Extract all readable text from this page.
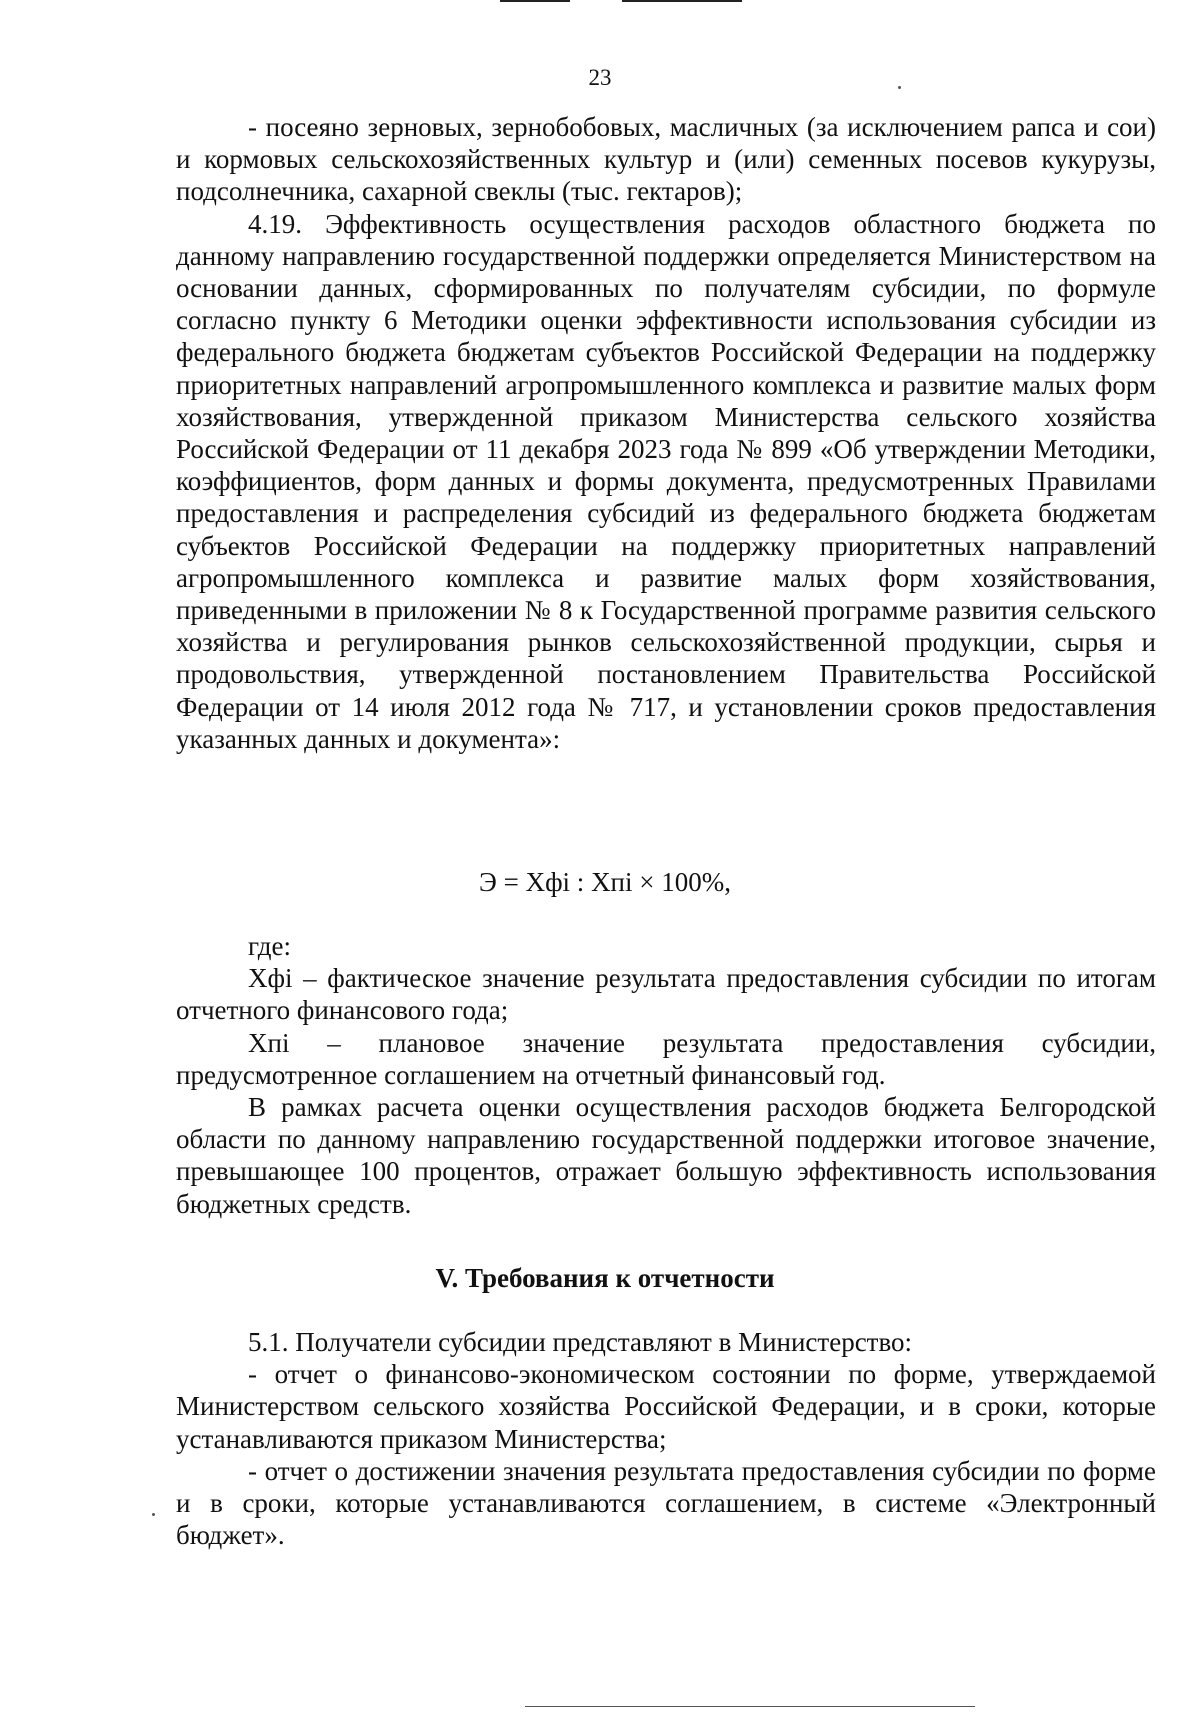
23

- посеяно зерновых, зернобобовых, масличных (за исключением рапса и сои) и кормовых сельскохозяйственных культур и (или) семенных посевов кукурузы, подсолнечника, сахарной свеклы (тыс. гектаров);

4.19. Эффективность осуществления расходов областного бюджета по данному направлению государственной поддержки определяется Министерством на основании данных, сформированных по получателям субсидии, по формуле согласно пункту 6 Методики оценки эффективности использования субсидии из федерального бюджета бюджетам субъектов Российской Федерации на поддержку приоритетных направлений агропромышленного комплекса и развитие малых форм хозяйствования, утвержденной приказом Министерства сельского хозяйства Российской Федерации от 11 декабря 2023 года № 899 «Об утверждении Методики, коэффициентов, форм данных и формы документа, предусмотренных Правилами предоставления и распределения субсидий из федерального бюджета бюджетам субъектов Российской Федерации на поддержку приоритетных направлений агропромышленного комплекса и развитие малых форм хозяйствования, приведенными в приложении № 8 к Государственной программе развития сельского хозяйства и регулирования рынков сельскохозяйственной продукции, сырья и продовольствия, утвержденной постановлением Правительства Российской Федерации от 14 июля 2012 года № 717, и установлении сроков предоставления указанных данных и документа»:

Э = Хфi : Хпi × 100%,

где:

Хфi – фактическое значение результата предоставления субсидии по итогам отчетного финансового года;

Хпi – плановое значение результата предоставления субсидии, предусмотренное соглашением на отчетный финансовый год.

В рамках расчета оценки осуществления расходов бюджета Белгородской области по данному направлению государственной поддержки итоговое значение, превышающее 100 процентов, отражает большую эффективность использования бюджетных средств.

V. Требования к отчетности

5.1. Получатели субсидии представляют в Министерство:

- отчет о финансово-экономическом состоянии по форме, утверждаемой Министерством сельского хозяйства Российской Федерации, и в сроки, которые устанавливаются приказом Министерства;

- отчет о достижении значения результата предоставления субсидии по форме и в сроки, которые устанавливаются соглашением, в системе «Электронный бюджет».
